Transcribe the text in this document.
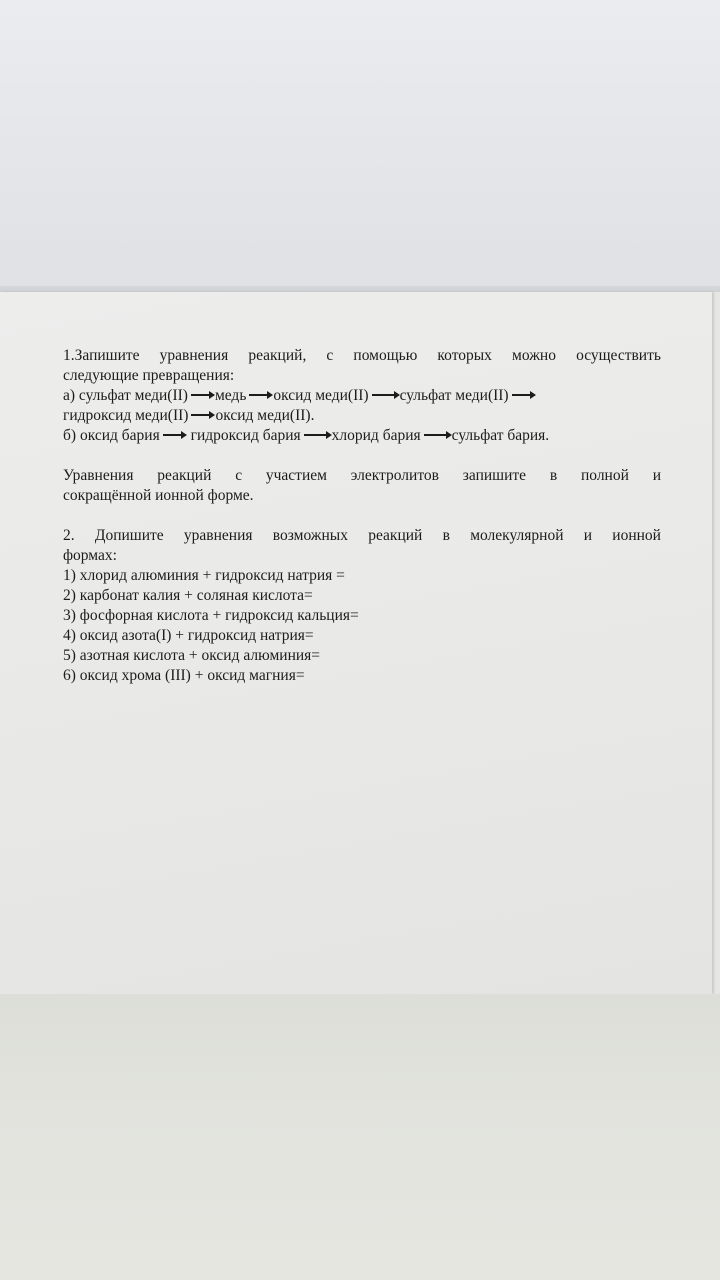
1.Запишите уравнения реакций, с помощью которых можно осуществить
следующие превращения:
а) сульфат меди(II) медь оксид меди(II) сульфат меди(II)
гидроксид меди(II) оксид меди(II).
б) оксид бария гидроксид бария хлорид бария сульфат бария.
Уравнения реакций с участием электролитов запишите в полной и
сокращённой ионной форме.
2. Допишите уравнения возможных реакций в молекулярной и ионной
формах:
1) хлорид алюминия + гидроксид натрия =
2) карбонат калия + соляная кислота=
3) фосфорная кислота + гидроксид кальция=
4) оксид азота(I) + гидроксид натрия=
5) азотная кислота + оксид алюминия=
6) оксид хрома (III) + оксид магния=
